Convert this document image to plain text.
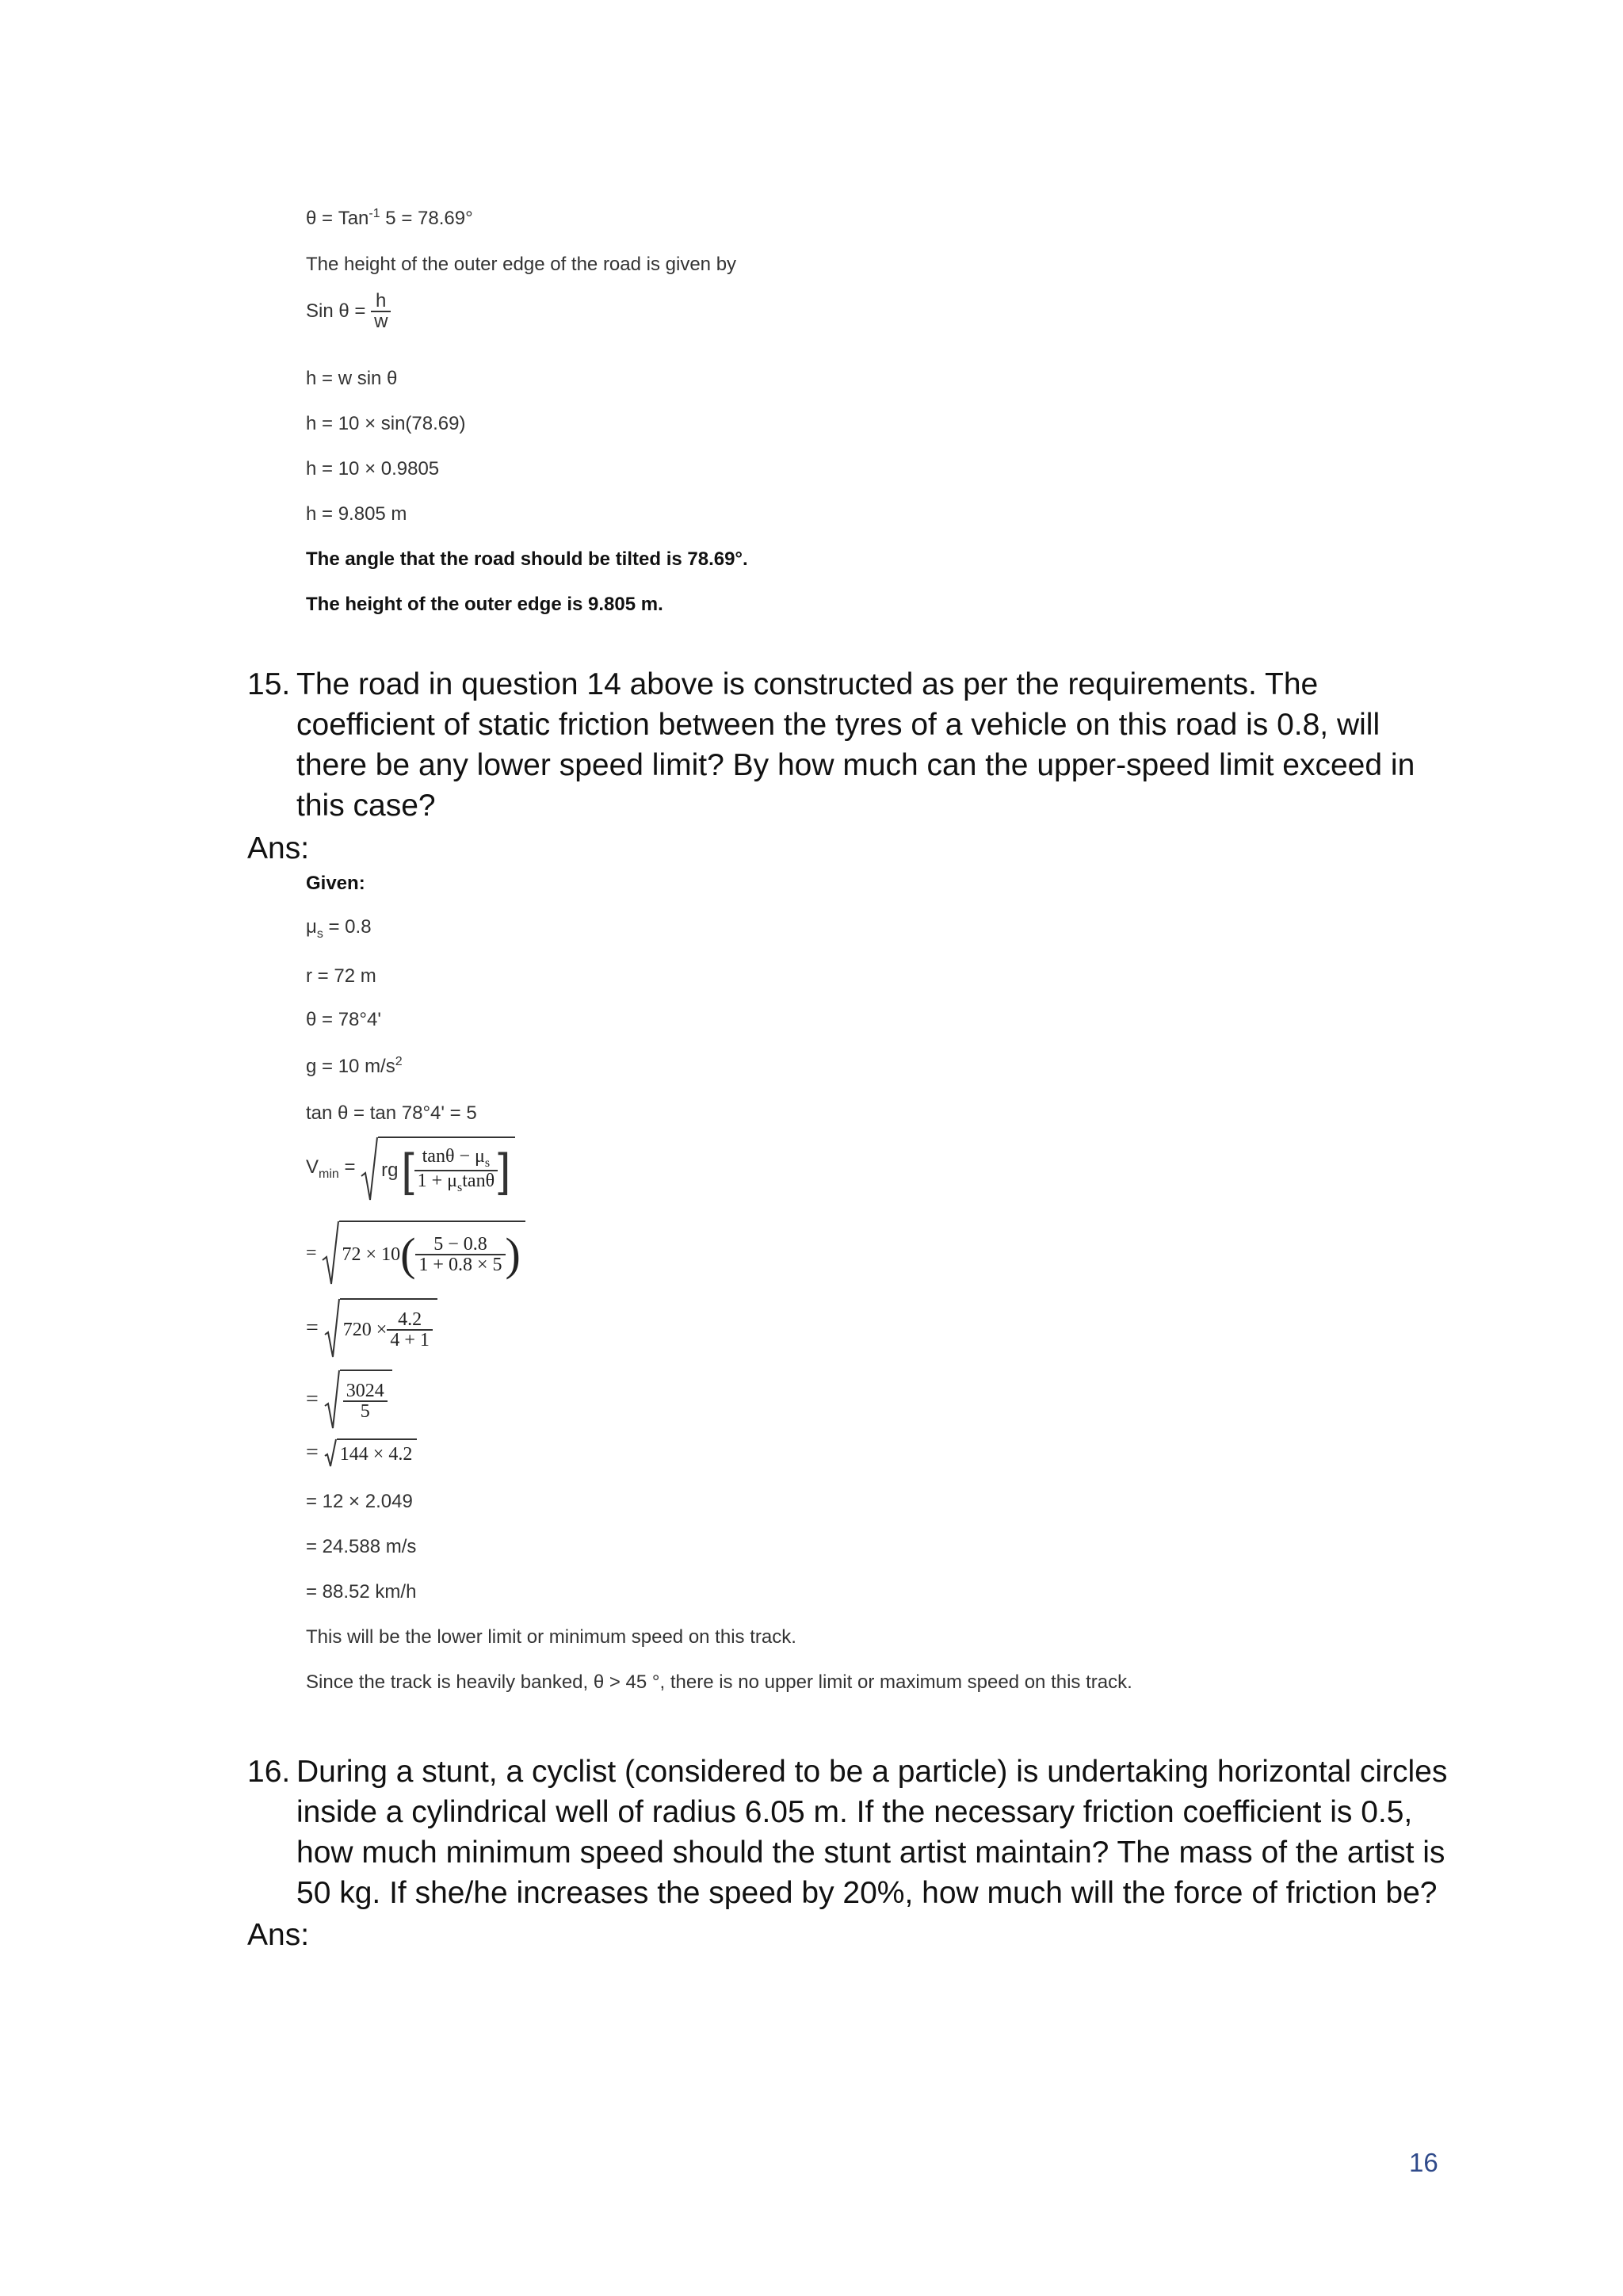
θ = Tan$^{-1}$ 5 = 78.69°
The height of the outer edge of the road is given by
Sin $\theta = \frac{h}{w}$
h = w sin θ
h = 10 × sin(78.69)
h = 10 × 0.9805
h = 9.805 m
The angle that the road should be tilted is 78.69°.
The height of the outer edge is 9.805 m.
15. The road in question 14 above is constructed as per the requirements. The coefficient of static friction between the tyres of a vehicle on this road is 0.8, will there be any lower speed limit? By how much can the upper-speed limit exceed in this case?
Ans:
Given:
$\mu_s = 0.8$
r = 72 m
θ = 78°4'
g = 10 $m/s^2$
tan θ = tan 78°4' = 5
$V_{min}$ = rg [ $\frac{\tan\theta - \mu_s}{1 + \mu_s\tan\theta}$ ]
= 72 × 10 ( $\frac{5 - 0.8}{1 + 0.8 \times 5}$ )
= $720 \times \frac{4.2}{4 + 1}$
= $\frac{3024}{5}$
= 144 × 4.2
= 12 × 2.049
= 24.588 m/s
= 88.52 km/h
This will be the lower limit or minimum speed on this track.
Since the track is heavily banked, θ > 45 °, there is no upper limit or maximum speed on this track.
16. During a stunt, a cyclist (considered to be a particle) is undertaking horizontal circles inside a cylindrical well of radius 6.05 m. If the necessary friction coefficient is 0.5, how much minimum speed should the stunt artist maintain? The mass of the artist is 50 kg. If she/he increases the speed by 20%, how much will the force of friction be?
Ans:
16
